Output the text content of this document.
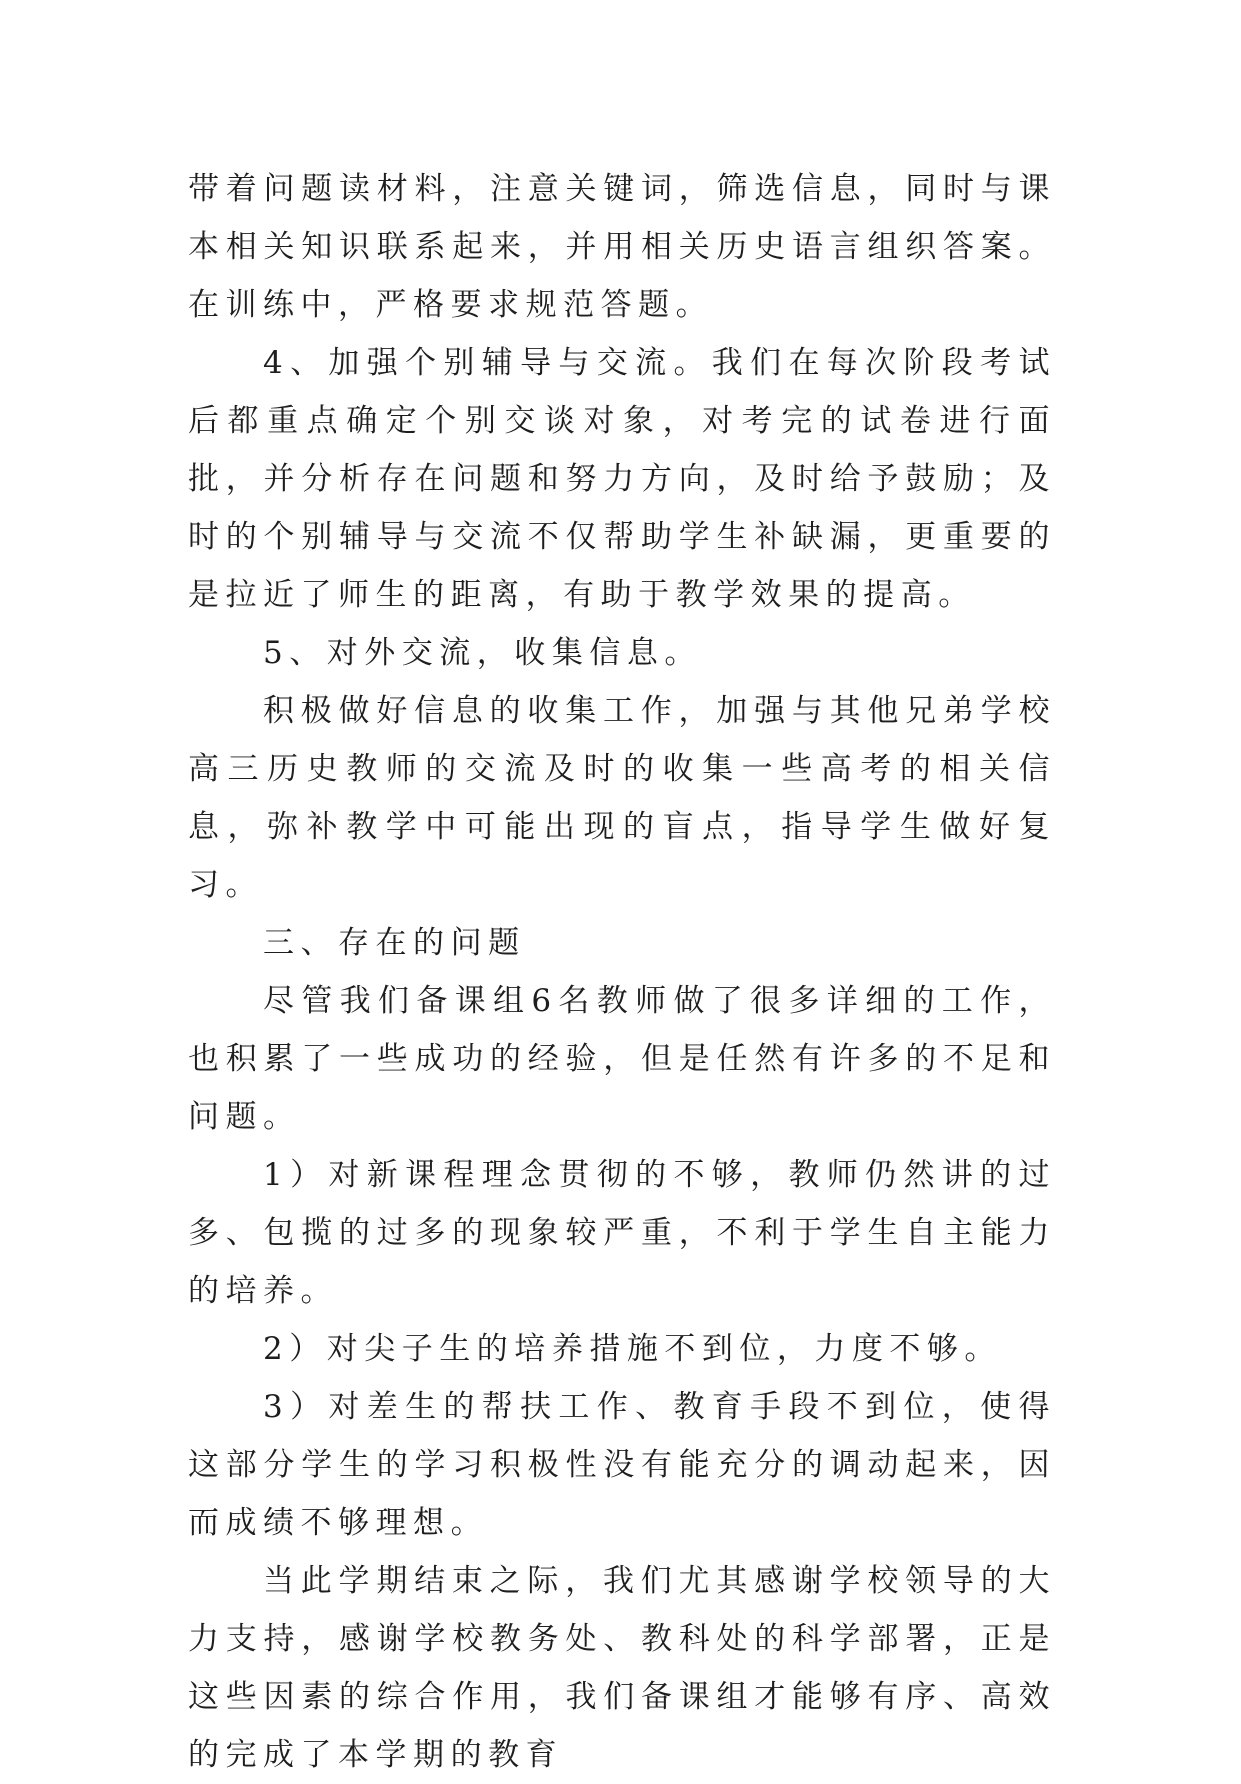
带着问题读材料，注意关键词，筛选信息，同时与课本相关知识联系起来，并用相关历史语言组织答案。在训练中，严格要求规范答题。

4、加强个别辅导与交流。我们在每次阶段考试后都重点确定个别交谈对象，对考完的试卷进行面批，并分析存在问题和努力方向，及时给予鼓励；及时的个别辅导与交流不仅帮助学生补缺漏，更重要的是拉近了师生的距离，有助于教学效果的提高。

5、对外交流，收集信息。

积极做好信息的收集工作，加强与其他兄弟学校高三历史教师的交流及时的收集一些高考的相关信息，弥补教学中可能出现的盲点，指导学生做好复习。

三、存在的问题

尽管我们备课组6名教师做了很多详细的工作，也积累了一些成功的经验，但是任然有许多的不足和问题。

1）对新课程理念贯彻的不够，教师仍然讲的过多、包揽的过多的现象较严重，不利于学生自主能力的培养。

2）对尖子生的培养措施不到位，力度不够。

3）对差生的帮扶工作、教育手段不到位，使得这部分学生的学习积极性没有能充分的调动起来，因而成绩不够理想。

当此学期结束之际，我们尤其感谢学校领导的大力支持，感谢学校教务处、教科处的科学部署，正是这些因素的综合作用，我们备课组才能够有序、高效的完成了本学期的教育
